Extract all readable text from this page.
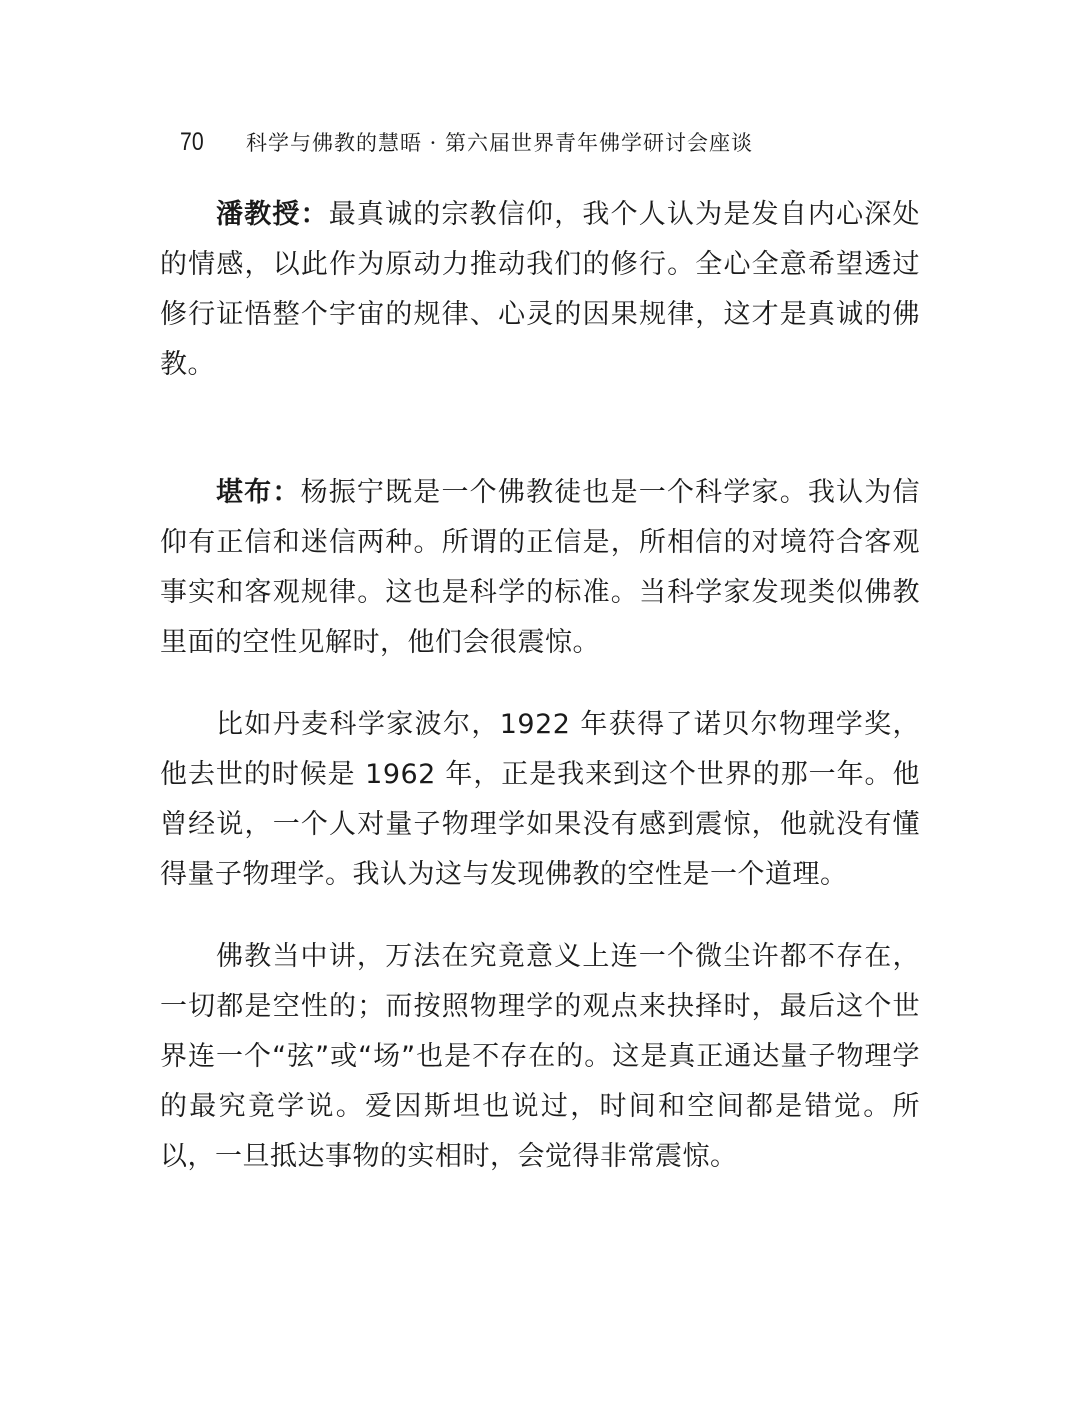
70	科学与佛教的慧晤 · 第六届世界青年佛学研讨会座谈

潘教授：最真诚的宗教信仰，我个人认为是发自内心深处的情感，以此作为原动力推动我们的修行。全心全意希望透过修行证悟整个宇宙的规律、心灵的因果规律，这才是真诚的佛教。

堪布：杨振宁既是一个佛教徒也是一个科学家。我认为信仰有正信和迷信两种。所谓的正信是，所相信的对境符合客观事实和客观规律。这也是科学的标准。当科学家发现类似佛教里面的空性见解时，他们会很震惊。

比如丹麦科学家波尔，1922 年获得了诺贝尔物理学奖，他去世的时候是 1962 年，正是我来到这个世界的那一年。他曾经说，一个人对量子物理学如果没有感到震惊，他就没有懂得量子物理学。我认为这与发现佛教的空性是一个道理。

佛教当中讲，万法在究竟意义上连一个微尘许都不存在，一切都是空性的；而按照物理学的观点来抉择时，最后这个世界连一个“弦”或“场”也是不存在的。这是真正通达量子物理学的最究竟学说。爱因斯坦也说过，时间和空间都是错觉。所以，一旦抵达事物的实相时，会觉得非常震惊。
